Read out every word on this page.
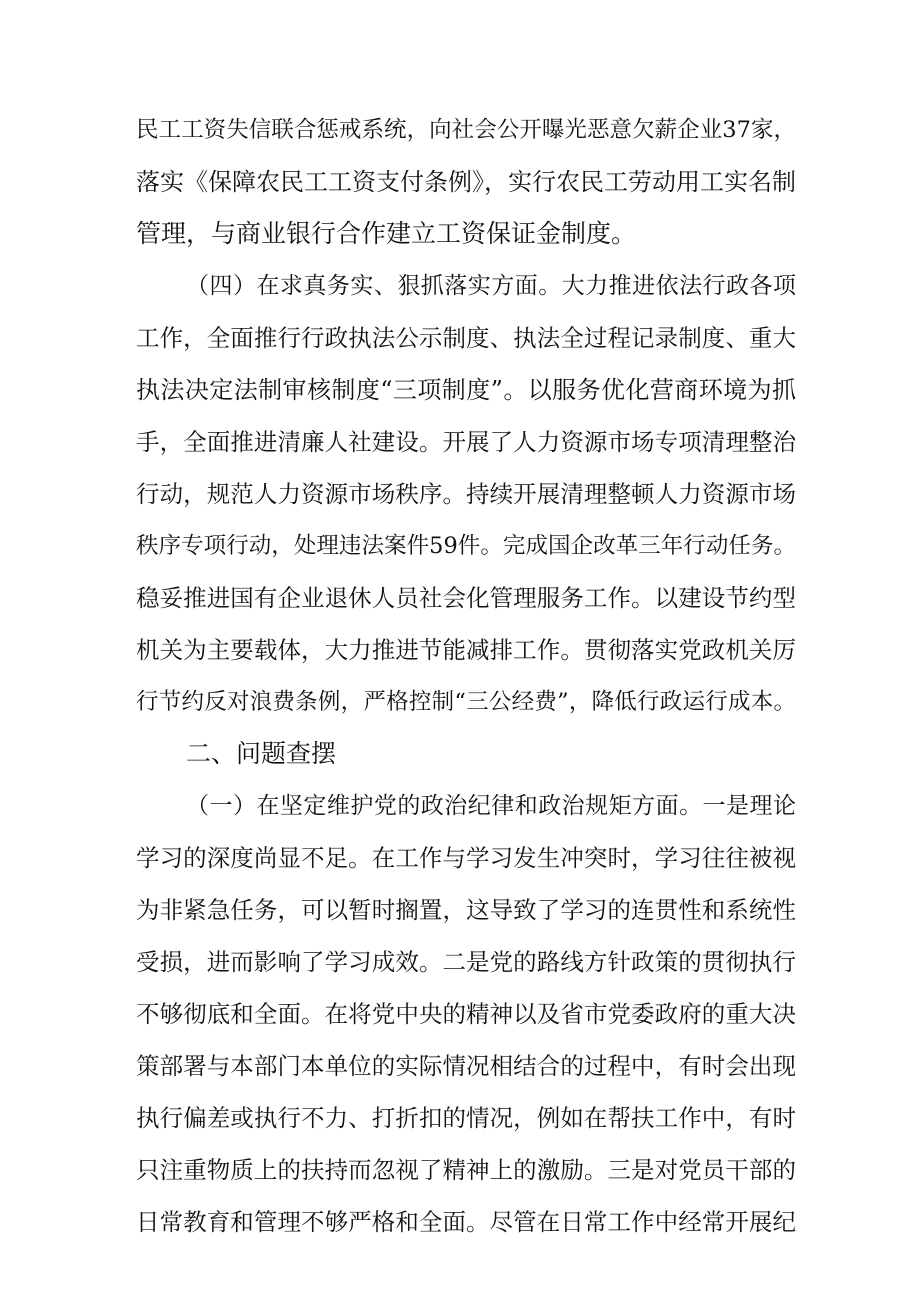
民工工资失信联合惩戒系统，向社会公开曝光恶意欠薪企业37家，
落实《保障农民工工资支付条例》，实行农民工劳动用工实名制
管理，与商业银行合作建立工资保证金制度。
（四）在求真务实、狠抓落实方面。大力推进依法行政各项
工作，全面推行行政执法公示制度、执法全过程记录制度、重大
执法决定法制审核制度“三项制度”。以服务优化营商环境为抓
手，全面推进清廉人社建设。开展了人力资源市场专项清理整治
行动，规范人力资源市场秩序。持续开展清理整顿人力资源市场
秩序专项行动，处理违法案件59件。完成国企改革三年行动任务。
稳妥推进国有企业退休人员社会化管理服务工作。以建设节约型
机关为主要载体，大力推进节能减排工作。贯彻落实党政机关厉
行节约反对浪费条例，严格控制“三公经费”，降低行政运行成本。
二、问题查摆
（一）在坚定维护党的政治纪律和政治规矩方面。一是理论
学习的深度尚显不足。在工作与学习发生冲突时，学习往往被视
为非紧急任务，可以暂时搁置，这导致了学习的连贯性和系统性
受损，进而影响了学习成效。二是党的路线方针政策的贯彻执行
不够彻底和全面。在将党中央的精神以及省市党委政府的重大决
策部署与本部门本单位的实际情况相结合的过程中，有时会出现
执行偏差或执行不力、打折扣的情况，例如在帮扶工作中，有时
只注重物质上的扶持而忽视了精神上的激励。三是对党员干部的
日常教育和管理不够严格和全面。尽管在日常工作中经常开展纪
